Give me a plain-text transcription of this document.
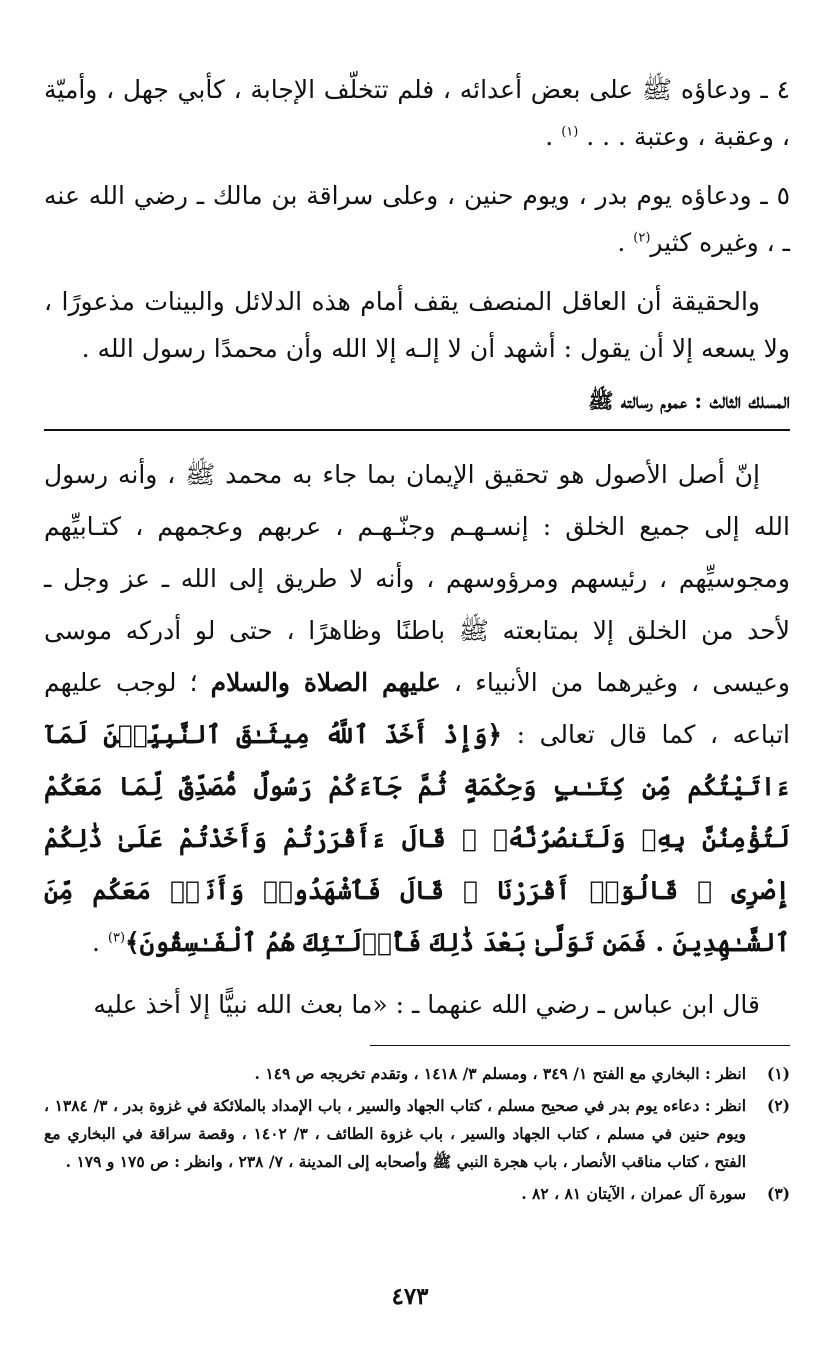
٤ ـ ودعاؤه ﷺ على بعض أعدائه ، فلم تتخلّف الإجابة ، كأبي جهل ، وأميّة ، وعقبة ، وعتبة . . . $^{(١)}$ .

٥ ـ ودعاؤه يوم بدر ، ويوم حنين ، وعلى سراقة بن مالك ـ رضي الله عنه ـ ، وغيره كثير$^{(٢)}$ .

والحقيقة أن العاقل المنصف يقف أمام هذه الدلائل والبينات مذعورًا ، ولا يسعه إلا أن يقول : أشهد أن لا إلـه إلا الله وأن محمدًا رسول الله .

المسلك الثالث : عموم رسالته ﷺ

إنّ أصل الأصول هو تحقيق الإيمان بما جاء به محمد ﷺ ، وأنه رسول الله إلى جميع الخلق : إنسـهـم وجنّـهـم ، عربهم وعجمهم ، كتـابيِّهم ومجوسيِّهم ، رئيسهم ومرؤوسهم ، وأنه لا طريق إلى الله ـ عز وجل ـ لأحد من الخلق إلا بمتابعته ﷺ باطنًا وظاهرًا ، حتى لو أدركه موسى وعيسى ، وغيرهما من الأنبياء ، عليهم الصلاة والسلام ؛ لوجب عليهم اتباعه ، كما قال تعالى : ﴿وَإِذْ أَخَذَ ٱللَّهُ مِيثَـٰقَ ٱلنَّبِيِّـۧنَ لَمَآ ءَاتَيْتُكُم مِّن كِتَـٰبٍ وَحِكْمَةٍ ثُمَّ جَآءَكُمْ رَسُولٌ مُّصَدِّقٌ لِّمَا مَعَكُمْ لَتُؤْمِنُنَّ بِهِۦ وَلَتَنصُرُنَّهُۥ ۚ قَالَ ءَأَقْرَرْتُمْ وَأَخَذْتُمْ عَلَىٰ ذَٰلِكُمْ إِصْرِى ۖ قَالُوٓا۟ أَقْرَرْنَا ۚ قَالَ فَٱشْهَدُوا۟ وَأَنَا۠ مَعَكُم مِّنَ ٱلشَّـٰهِدِينَ . فَمَن تَوَلَّىٰ بَعْدَ ذَٰلِكَ فَأُو۟لَـٰٓئِكَ هُمُ ٱلْفَـٰسِقُونَ﴾$^{(٣)}$ .

قال ابن عباس ـ رضي الله عنهما ـ : «ما بعث الله نبيًّا إلا أخذ عليه

(١)
انظر : البخاري مع الفتح ١/ ٣٤٩ ، ومسلم ٣/ ١٤١٨ ، وتقدم تخريجه ص ١٤٩ .
(٢)
انظر : دعاءه يوم بدر في صحيح مسلم ، كتاب الجهاد والسير ، باب الإمداد بالملائكة في غزوة بدر ، ٣/ ١٣٨٤ ، ويوم حنين في مسلم ، كتاب الجهاد والسير ، باب غزوة الطائف ، ٣/ ١٤٠٢ ، وقصة سراقة في البخاري مع الفتح ، كتاب مناقب الأنصار ، باب هجرة النبي ﷺ وأصحابه إلى المدينة ، ٧/ ٢٣٨ ، وانظر : ص ١٧٥ و ١٧٩ .
(٣)
سورة آل عمران ، الآيتان ٨١ ، ٨٢ .
٤٧٣
